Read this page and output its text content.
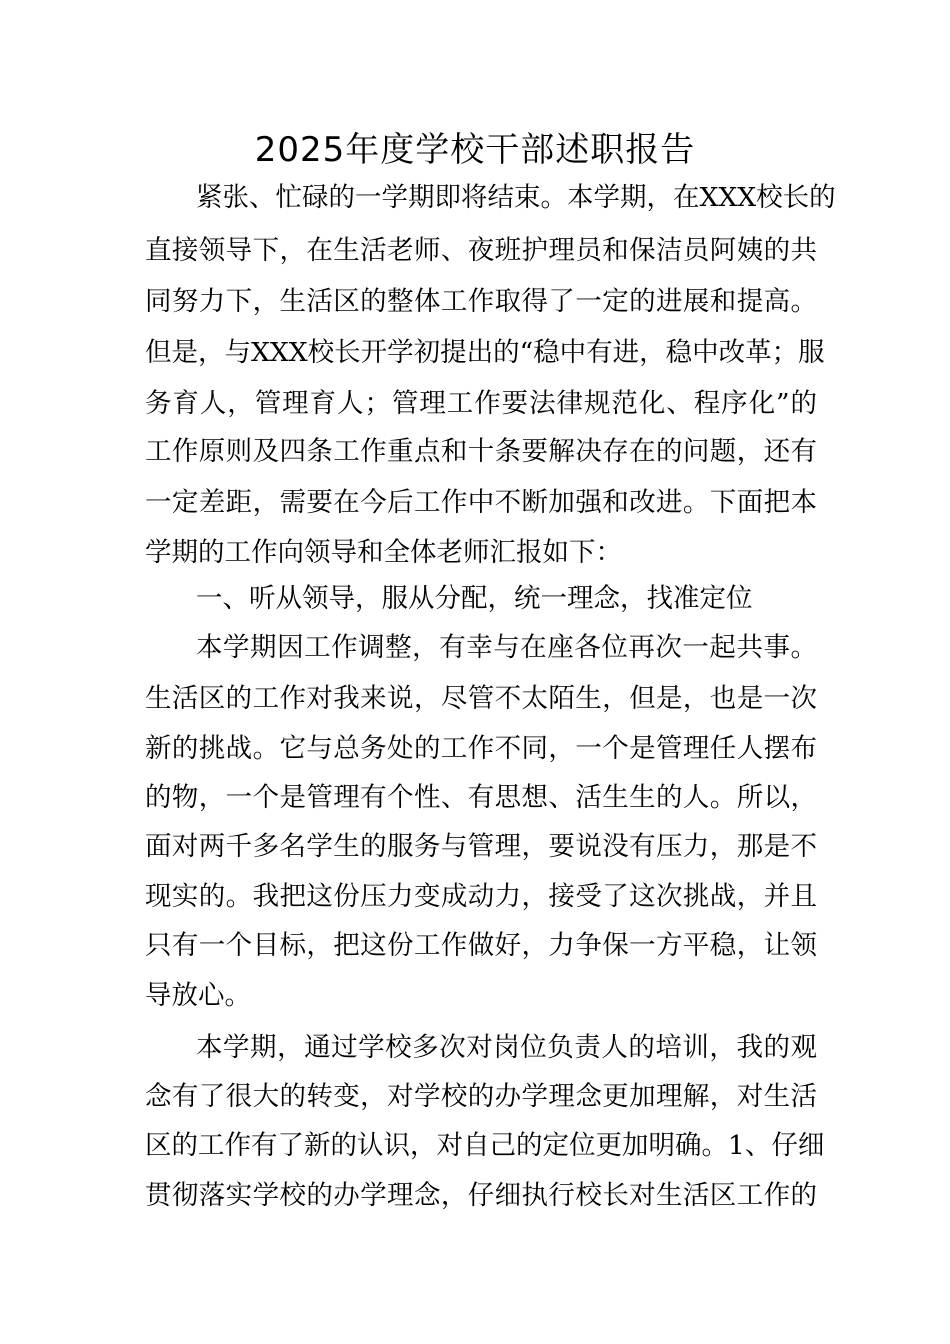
2025年度学校干部述职报告
紧张、忙碌的一学期即将结束。本学期，在XXX校长的
直接领导下，在生活老师、夜班护理员和保洁员阿姨的共
同努力下，生活区的整体工作取得了一定的进展和提高。
但是，与XXX校长开学初提出的“稳中有进，稳中改革；服
务育人，管理育人；管理工作要法律规范化、程序化”的
工作原则及四条工作重点和十条要解决存在的问题，还有
一定差距，需要在今后工作中不断加强和改进。下面把本
学期的工作向领导和全体老师汇报如下：
一、听从领导，服从分配，统一理念，找准定位
本学期因工作调整，有幸与在座各位再次一起共事。
生活区的工作对我来说，尽管不太陌生，但是，也是一次
新的挑战。它与总务处的工作不同，一个是管理任人摆布
的物，一个是管理有个性、有思想、活生生的人。所以，
面对两千多名学生的服务与管理，要说没有压力，那是不
现实的。我把这份压力变成动力，接受了这次挑战，并且
只有一个目标，把这份工作做好，力争保一方平稳，让领
导放心。
本学期，通过学校多次对岗位负责人的培训，我的观
念有了很大的转变，对学校的办学理念更加理解，对生活
区的工作有了新的认识，对自己的定位更加明确。1、仔细
贯彻落实学校的办学理念，仔细执行校长对生活区工作的
